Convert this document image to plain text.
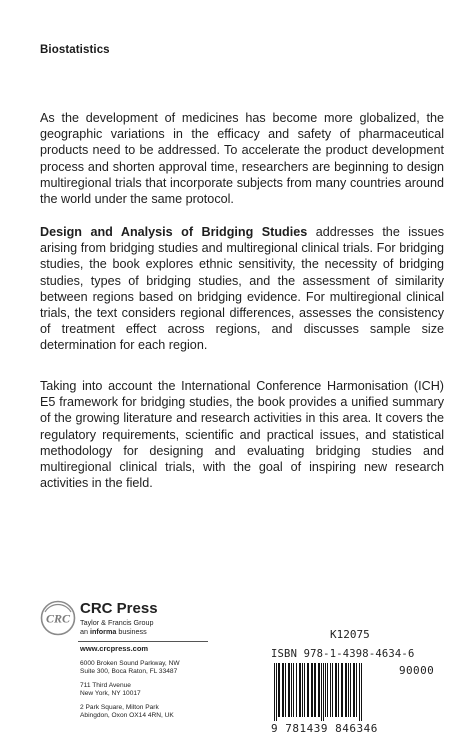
Biostatistics
As the development of medicines has become more globalized, the geographic variations in the efficacy and safety of pharmaceutical products need to be addressed. To accelerate the product development process and shorten approval time, researchers are beginning to design multiregional trials that incorporate subjects from many countries around the world under the same protocol.
Design and Analysis of Bridging Studies addresses the issues arising from bridging studies and multiregional clinical trials. For bridging studies, the book explores ethnic sensitivity, the necessity of bridging studies, types of bridging studies, and the assessment of similarity between regions based on bridging evidence. For multiregional clinical trials, the text considers regional differences, assesses the consistency of treatment effect across regions, and discusses sample size determination for each region.
Taking into account the International Conference Harmonisation (ICH) E5 framework for bridging studies, the book provides a unified summary of the growing literature and research activities in this area. It covers the regulatory requirements, scientific and practical issues, and statistical methodology for designing and evaluating bridging studies and multiregional clinical trials, with the goal of inspiring new research activities in the field.
CRC
CRC Press
Taylor & Francis Group
an informa business
www.crcpress.com
6000 Broken Sound Parkway, NW
Suite 300, Boca Raton, FL 33487
711 Third Avenue
New York, NY 10017
2 Park Square, Milton Park
Abingdon, Oxon OX14 4RN, UK
K12075
ISBN 978-1-4398-4634-6
9 781439 846346
90000
